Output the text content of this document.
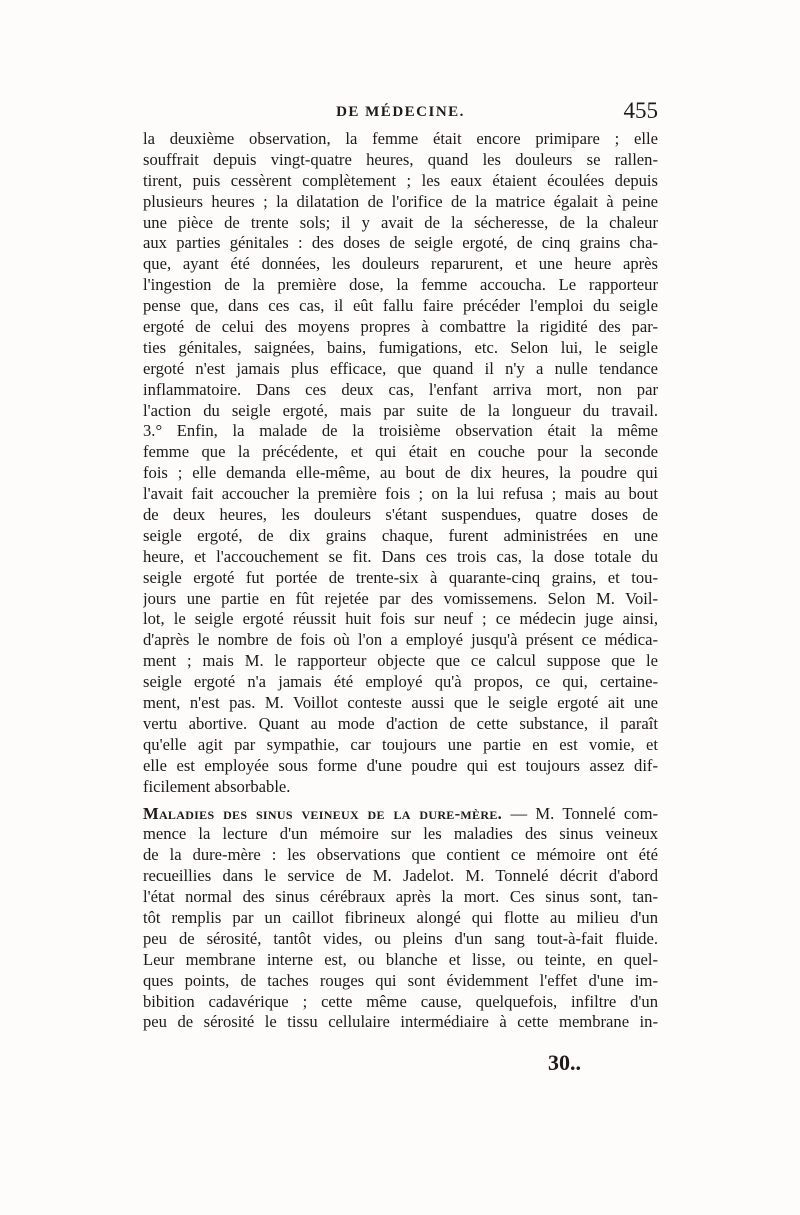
DE MÉDECINE.	455
la deuxième observation, la femme était encore primipare ; elle
souffrait depuis vingt-quatre heures, quand les douleurs se rallen-
tirent, puis cessèrent complètement ; les eaux étaient écoulées depuis
plusieurs heures ; la dilatation de l'orifice de la matrice égalait à peine
une pièce de trente sols; il y avait de la sécheresse, de la chaleur
aux parties génitales : des doses de seigle ergoté, de cinq grains cha-
que, ayant été données, les douleurs reparurent, et une heure après
l'ingestion de la première dose, la femme accoucha. Le rapporteur
pense que, dans ces cas, il eût fallu faire précéder l'emploi du seigle
ergoté de celui des moyens propres à combattre la rigidité des par-
ties génitales, saignées, bains, fumigations, etc. Selon lui, le seigle
ergoté n'est jamais plus efficace, que quand il n'y a nulle tendance
inflammatoire. Dans ces deux cas, l'enfant arriva mort, non par
l'action du seigle ergoté, mais par suite de la longueur du travail.
3.° Enfin, la malade de la troisième observation était la même
femme que la précédente, et qui était en couche pour la seconde
fois ; elle demanda elle-même, au bout de dix heures, la poudre qui
l'avait fait accoucher la première fois ; on la lui refusa ; mais au bout
de deux heures, les douleurs s'étant suspendues, quatre doses de
seigle ergoté, de dix grains chaque, furent administrées en une
heure, et l'accouchement se fit. Dans ces trois cas, la dose totale du
seigle ergoté fut portée de trente-six à quarante-cinq grains, et tou-
jours une partie en fût rejetée par des vomissemens. Selon M. Voil-
lot, le seigle ergoté réussit huit fois sur neuf ; ce médecin juge ainsi,
d'après le nombre de fois où l'on a employé jusqu'à présent ce médica-
ment ; mais M. le rapporteur objecte que ce calcul suppose que le
seigle ergoté n'a jamais été employé qu'à propos, ce qui, certaine-
ment, n'est pas. M. Voillot conteste aussi que le seigle ergoté ait une
vertu abortive. Quant au mode d'action de cette substance, il paraît
qu'elle agit par sympathie, car toujours une partie en est vomie, et
elle est employée sous forme d'une poudre qui est toujours assez dif-
ficilement absorbable.
Maladies des sinus veineux de la dure-mère. — M. Tonnelé com-
mence la lecture d'un mémoire sur les maladies des sinus veineux
de la dure-mère : les observations que contient ce mémoire ont été
recueillies dans le service de M. Jadelot. M. Tonnelé décrit d'abord
l'état normal des sinus cérébraux après la mort. Ces sinus sont, tan-
tôt remplis par un caillot fibrineux alongé qui flotte au milieu d'un
peu de sérosité, tantôt vides, ou pleins d'un sang tout-à-fait fluide.
Leur membrane interne est, ou blanche et lisse, ou teinte, en quel-
ques points, de taches rouges qui sont évidemment l'effet d'une im-
bibition cadavérique ; cette même cause, quelquefois, infiltre d'un
peu de sérosité le tissu cellulaire intermédiaire à cette membrane in-
30..
